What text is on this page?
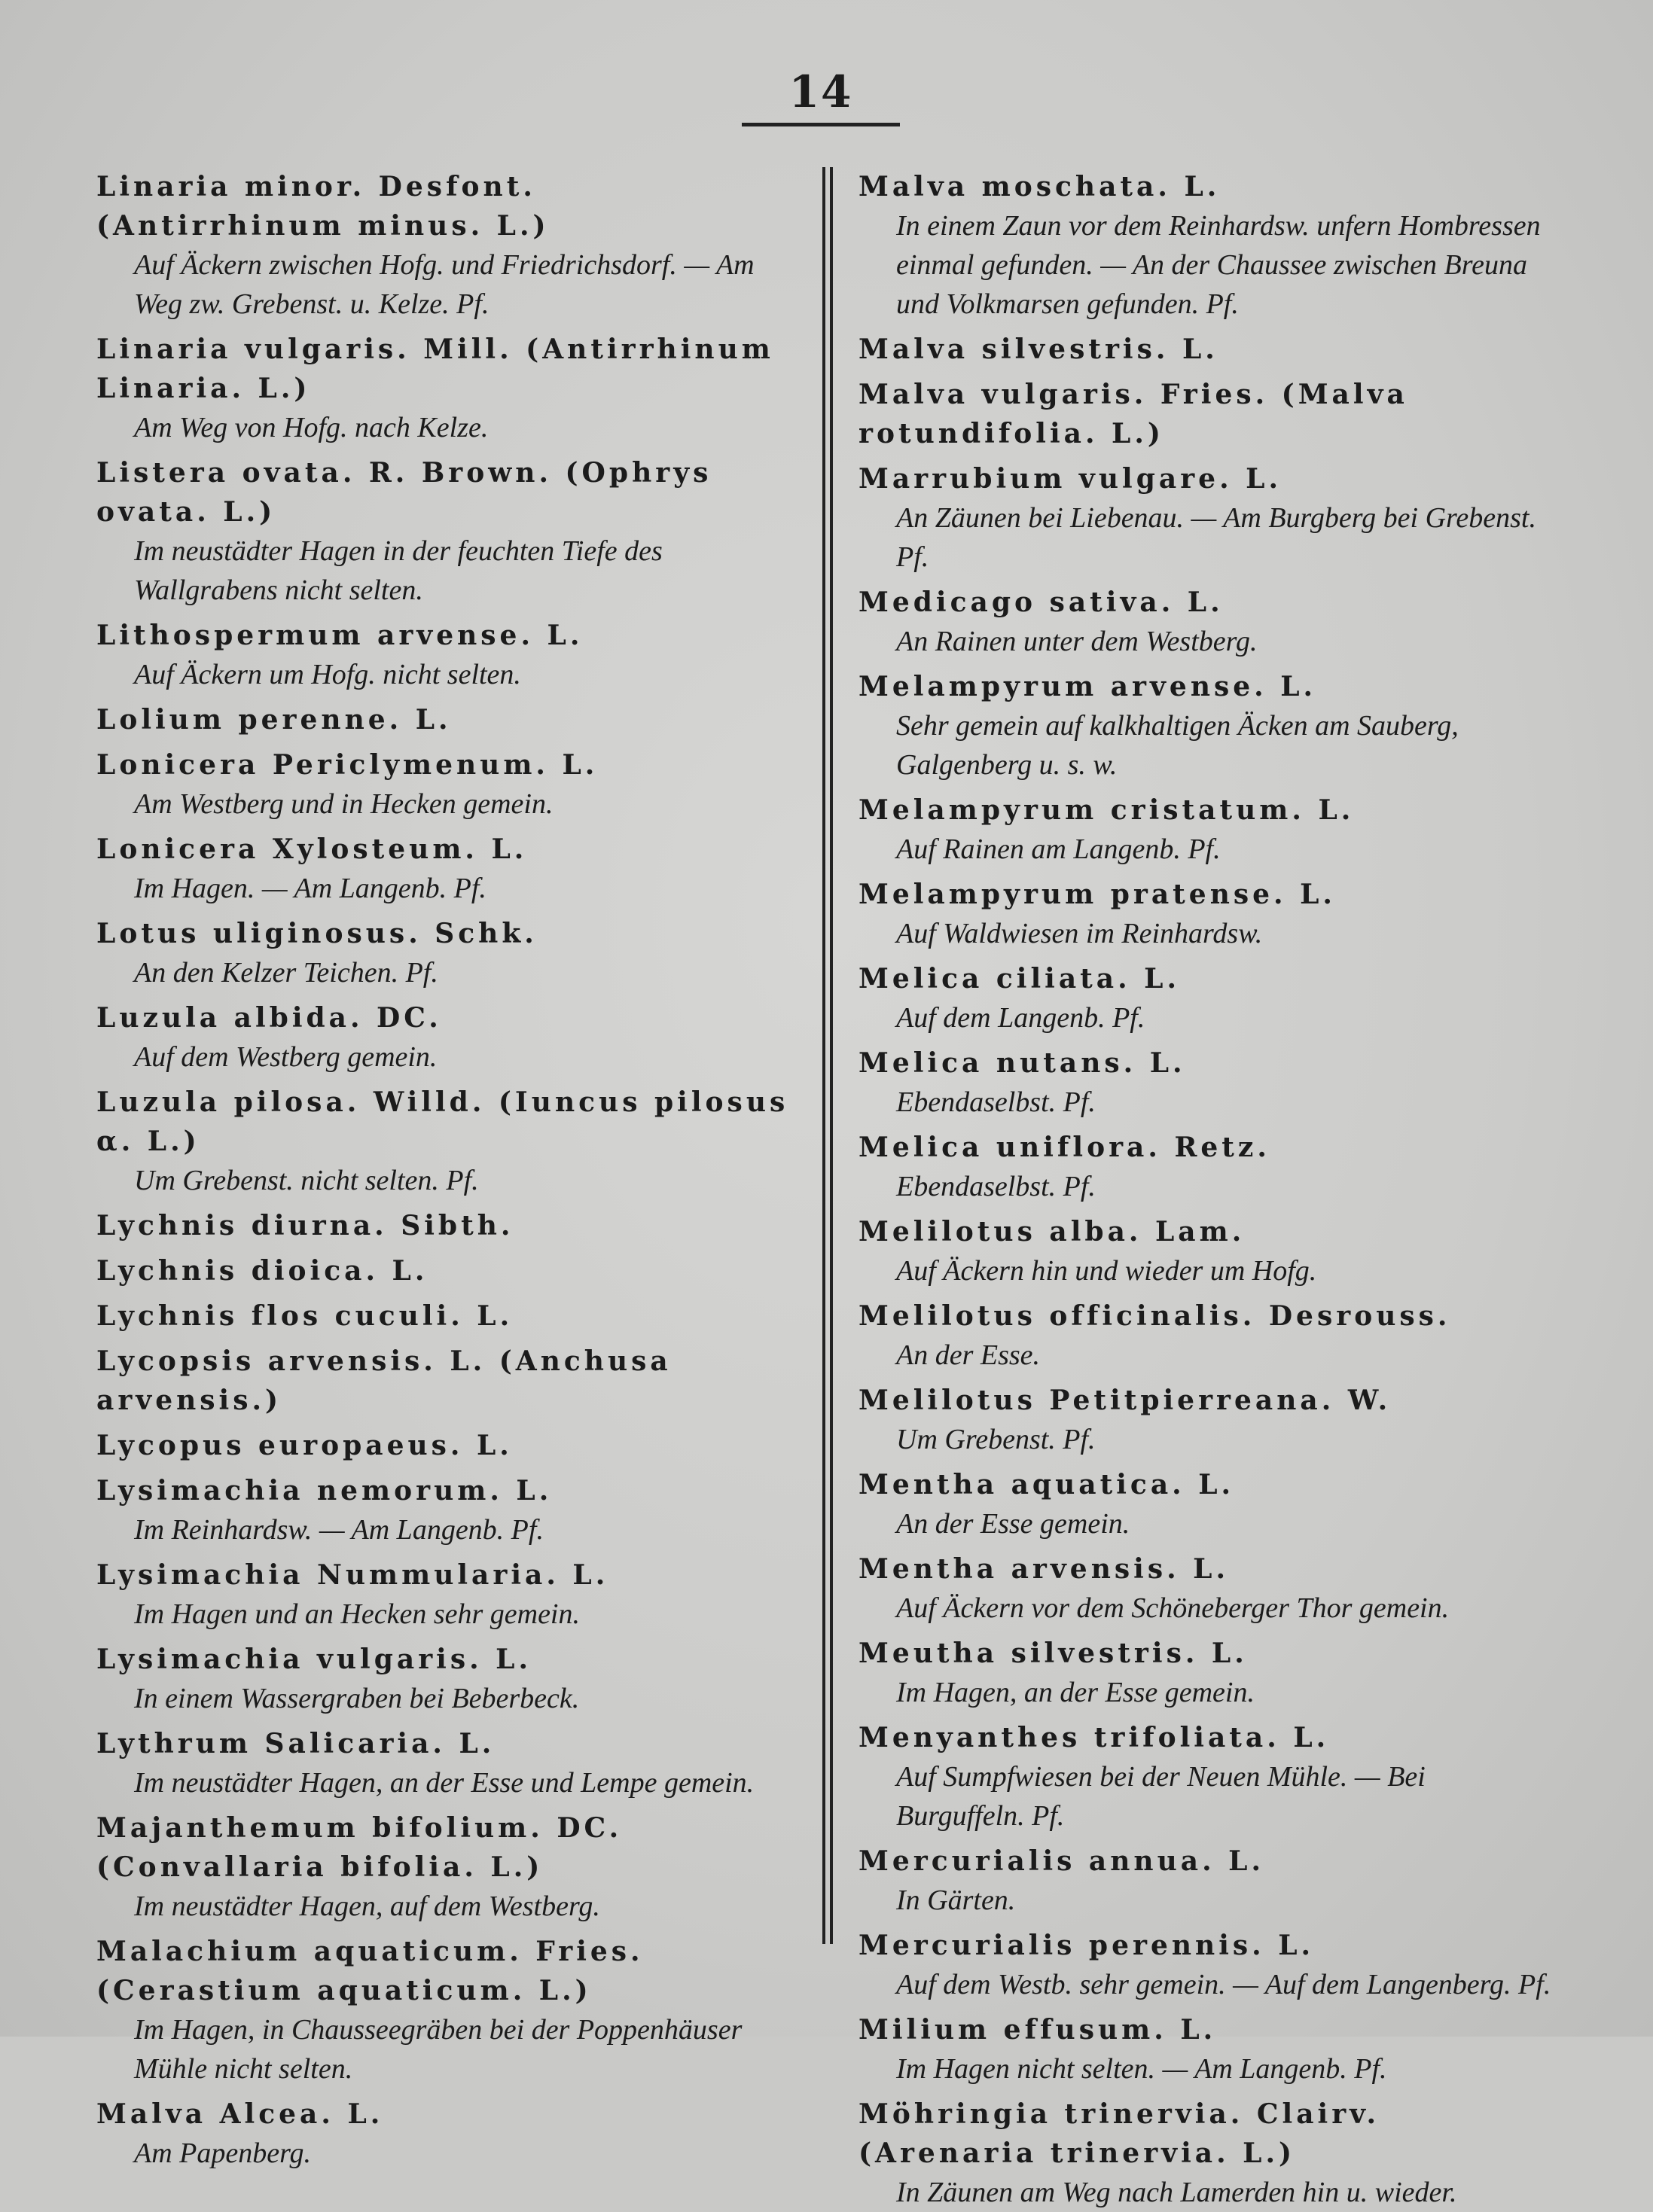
14
Linaria minor. Desfont. (Antirrhinum minus. L.)
Auf Äckern zwischen Hofg. und Friedrichsdorf. — Am Weg zw. Grebenst. u. Kelze. Pf.
Linaria vulgaris. Mill. (Antirrhinum Linaria. L.)
Am Weg von Hofg. nach Kelze.
Listera ovata. R. Brown. (Ophrys ovata. L.)
Im neustädter Hagen in der feuchten Tiefe des Wallgrabens nicht selten.
Lithospermum arvense. L.
Auf Äckern um Hofg. nicht selten.
Lolium perenne. L.
Lonicera Periclymenum. L.
Am Westberg und in Hecken gemein.
Lonicera Xylosteum. L.
Im Hagen. — Am Langenb. Pf.
Lotus uliginosus. Schk.
An den Kelzer Teichen. Pf.
Luzula albida. DC.
Auf dem Westberg gemein.
Luzula pilosa. Willd. (Iuncus pilosus α. L.)
Um Grebenst. nicht selten. Pf.
Lychnis diurna. Sibth.
Lychnis dioica. L.
Lychnis flos cuculi. L.
Lycopsis arvensis. L. (Anchusa arvensis.)
Lycopus europaeus. L.
Lysimachia nemorum. L.
Im Reinhardsw. — Am Langenb. Pf.
Lysimachia Nummularia. L.
Im Hagen und an Hecken sehr gemein.
Lysimachia vulgaris. L.
In einem Wassergraben bei Beberbeck.
Lythrum Salicaria. L.
Im neustädter Hagen, an der Esse und Lempe gemein.
Majanthemum bifolium. DC. (Convallaria bifolia. L.)
Im neustädter Hagen, auf dem Westberg.
Malachium aquaticum. Fries. (Cerastium aquaticum. L.)
Im Hagen, in Chausseegräben bei der Poppenhäuser Mühle nicht selten.
Malva Alcea. L.
Am Papenberg.
Malva moschata. L.
In einem Zaun vor dem Reinhardsw. unfern Hombressen einmal gefunden. — An der Chaussee zwischen Breuna und Volkmarsen gefunden. Pf.
Malva silvestris. L.
Malva vulgaris. Fries. (Malva rotundifolia. L.)
Marrubium vulgare. L.
An Zäunen bei Liebenau. — Am Burgberg bei Grebenst. Pf.
Medicago sativa. L.
An Rainen unter dem Westberg.
Melampyrum arvense. L.
Sehr gemein auf kalkhaltigen Äcken am Sauberg, Galgenberg u. s. w.
Melampyrum cristatum. L.
Auf Rainen am Langenb. Pf.
Melampyrum pratense. L.
Auf Waldwiesen im Reinhardsw.
Melica ciliata. L.
Auf dem Langenb. Pf.
Melica nutans. L.
Ebendaselbst. Pf.
Melica uniflora. Retz.
Ebendaselbst. Pf.
Melilotus alba. Lam.
Auf Äckern hin und wieder um Hofg.
Melilotus officinalis. Desrouss.
An der Esse.
Melilotus Petitpierreana. W.
Um Grebenst. Pf.
Mentha aquatica. L.
An der Esse gemein.
Mentha arvensis. L.
Auf Äckern vor dem Schöneberger Thor gemein.
Meutha silvestris. L.
Im Hagen, an der Esse gemein.
Menyanthes trifoliata. L.
Auf Sumpfwiesen bei der Neuen Mühle. — Bei Burguffeln. Pf.
Mercurialis annua. L.
In Gärten.
Mercurialis perennis. L.
Auf dem Westb. sehr gemein. — Auf dem Langenberg. Pf.
Milium effusum. L.
Im Hagen nicht selten. — Am Langenb. Pf.
Möhringia trinervia. Clairv. (Arenaria trinervia. L.)
In Zäunen am Weg nach Lamerden hin u. wieder.
